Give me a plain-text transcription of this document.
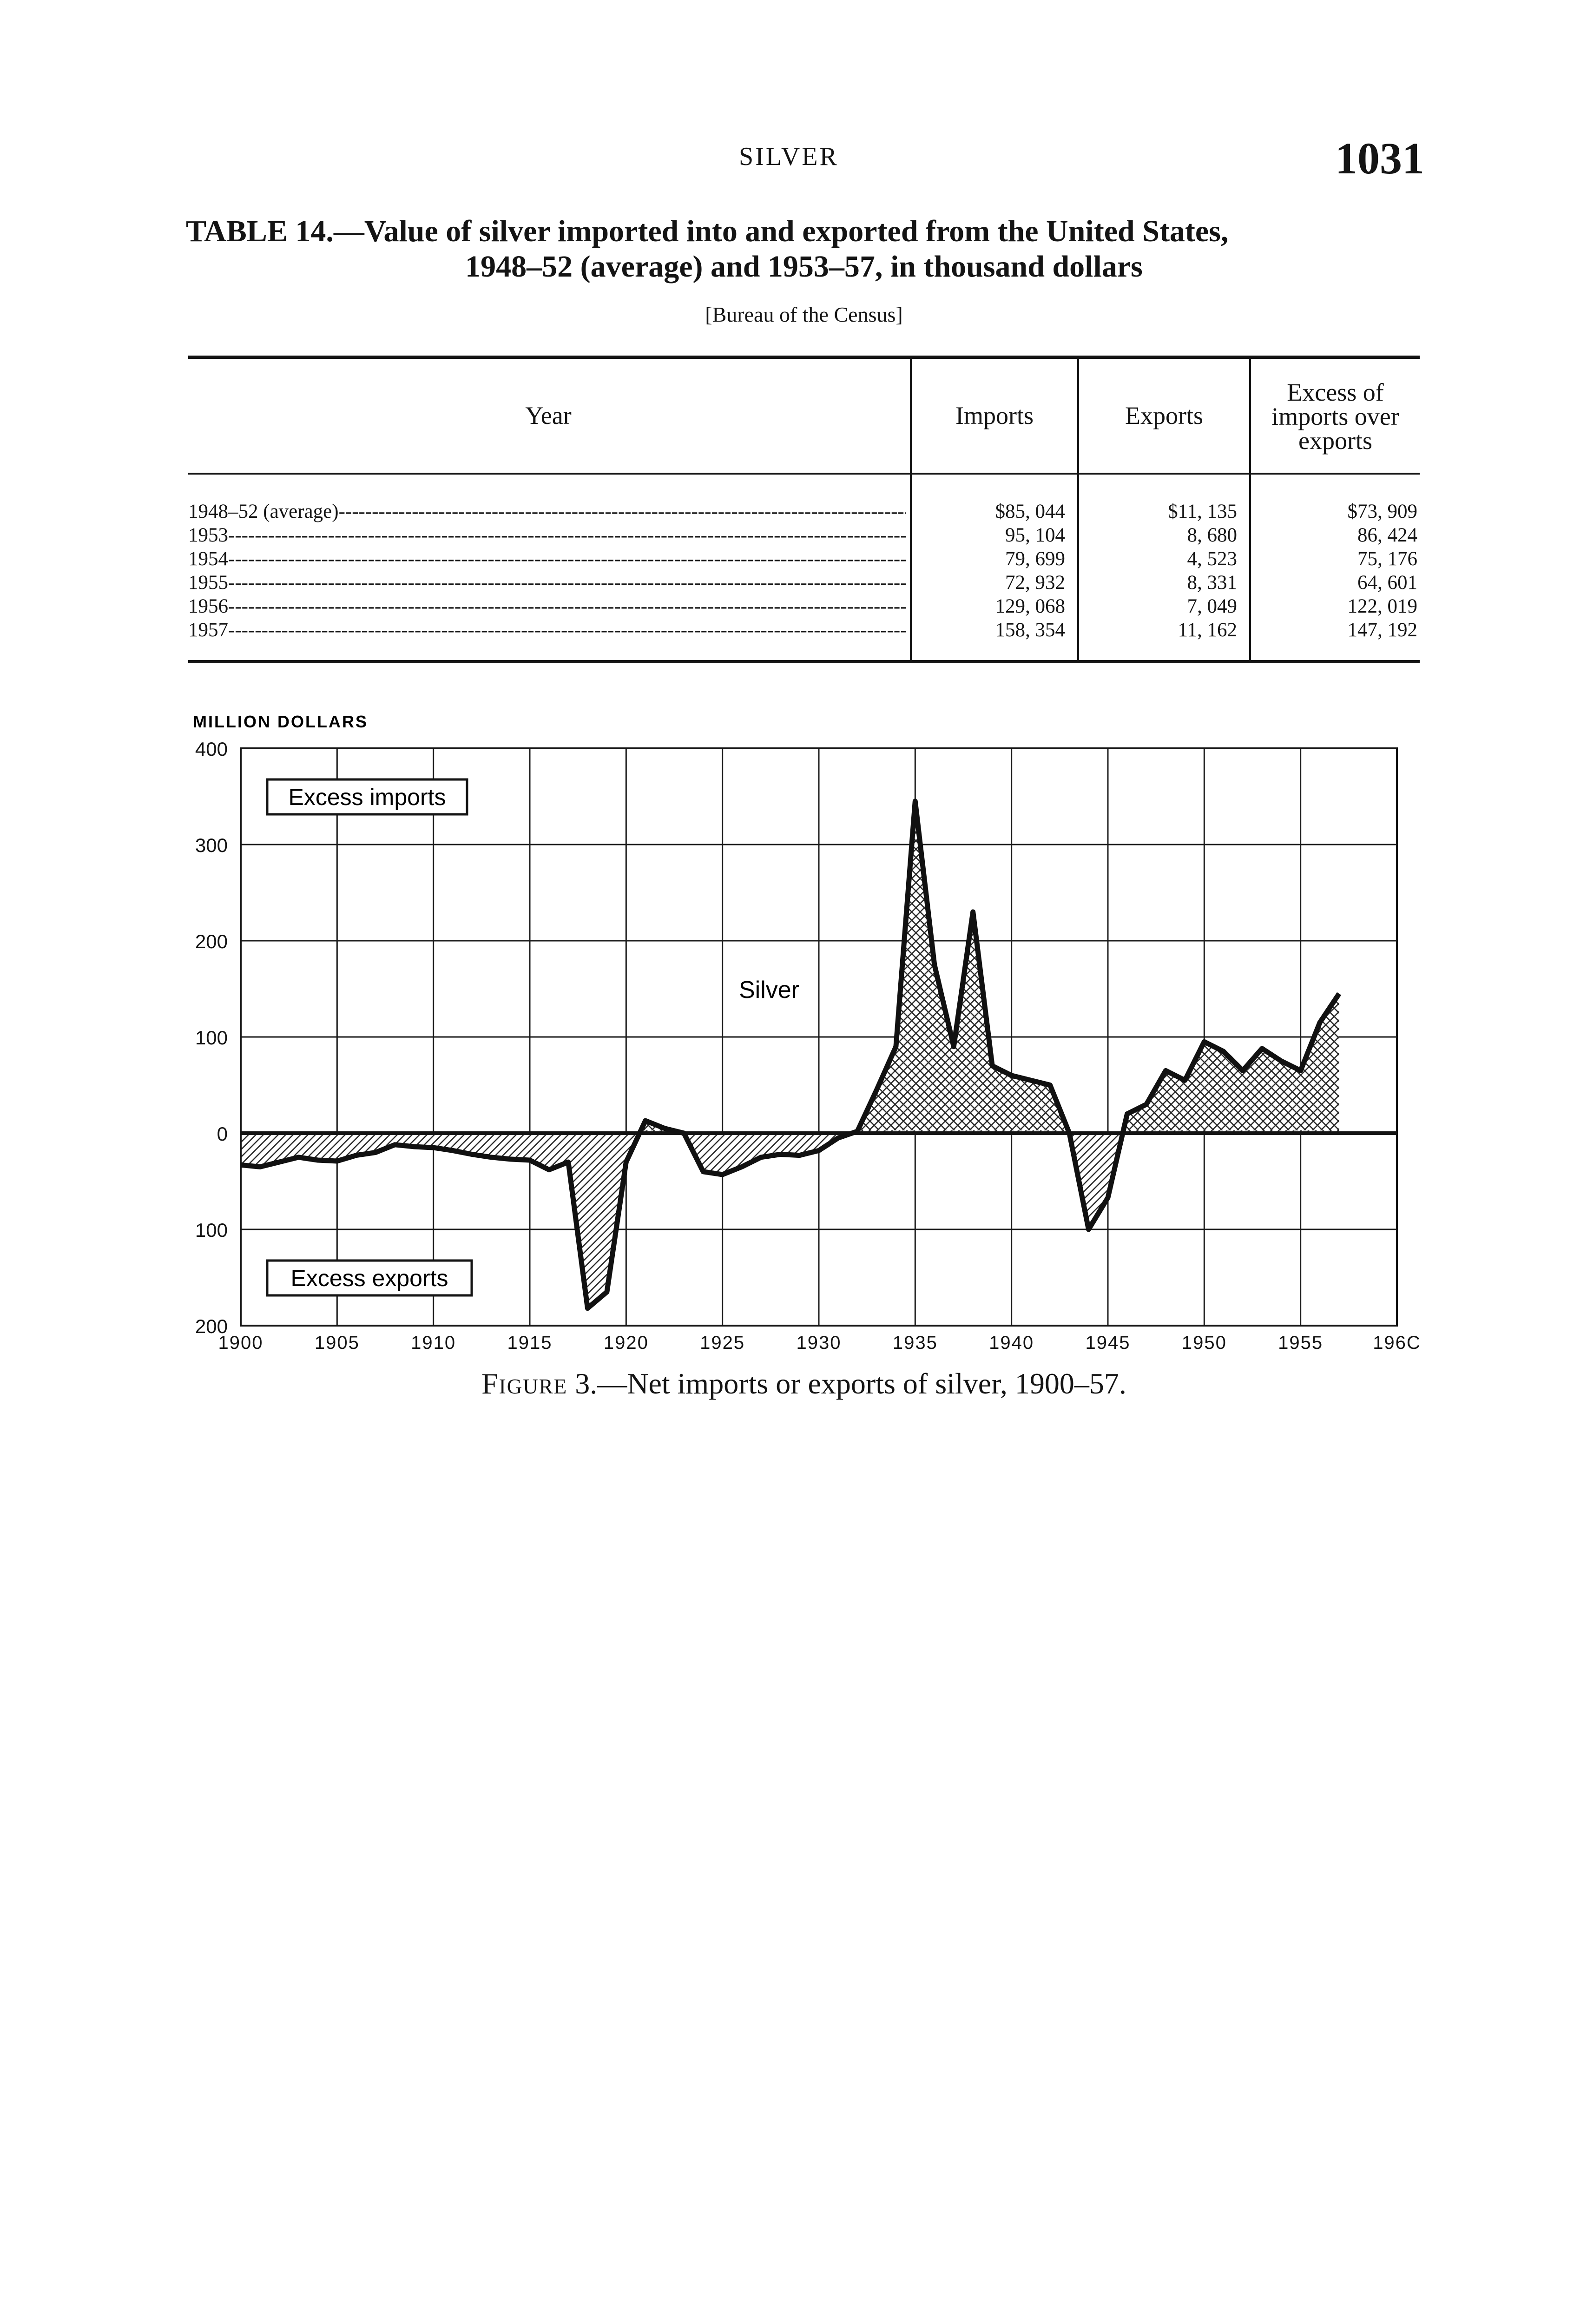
SILVER	1031
TABLE 14.—Value of silver imported into and exported from the United States,
1948–52 (average) and 1953–57, in thousand dollars
[Bureau of the Census]
Year	Imports	Exports
Excess of
imports over
exports
1948–52 (average) -----	$85, 044	$11, 135	$73, 909
1953 -----	95, 104	8, 680	86, 424
1954 -----	79, 699	4, 523	75, 176
1955 -----	72, 932	8, 331	64, 601
1956 -----	129, 068	7, 049	122, 019
1957 -----	158, 354	11, 162	147, 192
400
300
200
100
0
100
200
1900	1905	1910	1915	1920	1925	1930	1935	1940	1945	1950	1955	196C
MILLION DOLLARS
Excess imports
Excess exports
Silver
Figure 3.—Net imports or exports of silver, 1900–57.
